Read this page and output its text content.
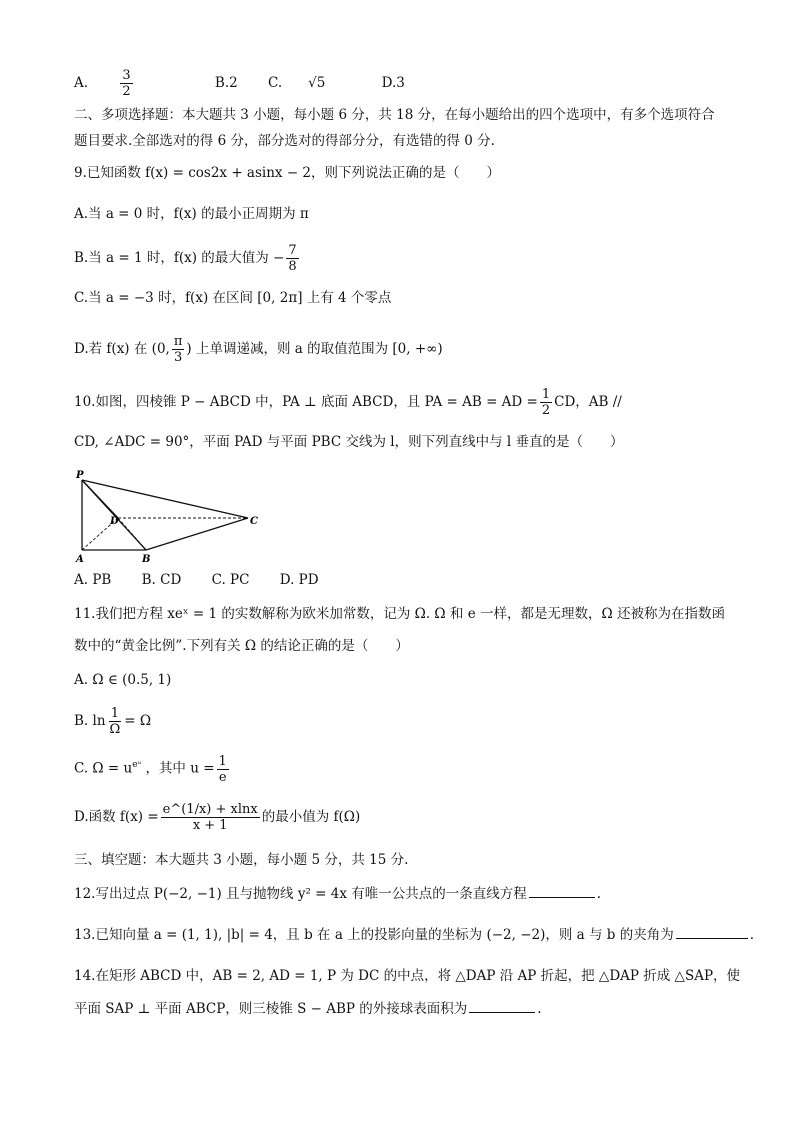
A. $\frac{3}{2}$	B.2 C. √5	D.3
二、多项选择题：本大题共 3 小题，每小题 6 分，共 18 分，在每小题给出的四个选项中，有多个选项符合
题目要求.全部选对的得 6 分，部分选对的得部分分，有选错的得 0 分.
9.已知函数 f(x) = cos2x + asinx − 2，则下列说法正确的是（　　）
A.当 a = 0 时，f(x) 的最小正周期为 π
B.当 a = 1 时，f(x) 的最大值为 − $\frac{7}{8}$
C.当 a = −3 时，f(x) 在区间 [0, 2π] 上有 4 个零点
D.若 f(x) 在 (0, $\frac{\pi}{3}$ ) 上单调递减，则 a 的取值范围为 [0, +∞)
10.如图，四棱锥 P − ABCD 中，PA ⊥ 底面 ABCD，且 PA = AB = AD = $\frac{1}{2}$ CD，AB //
CD, ∠ADC = 90°，平面 PAD 与平面 PBC 交线为 l，则下列直线中与 l 垂直的是（　　）
P
A	B
C
D
A. PB B. CD C. PC D. PD
11.我们把方程 xeˣ = 1 的实数解称为欧米加常数，记为 Ω. Ω 和 e 一样，都是无理数，Ω 还被称为在指数函
数中的“黄金比例”.下列有关 Ω 的结论正确的是（　　）
A. Ω ∈ (0.5, 1)
B. $\ln \frac{1}{\Omega} = \Omega$
C. $\Omega = u^{eᵘ}$ ，其中 $u = \frac{1}{e}$
D.函数 $f(x) = \frac{e\^{}(1/x) + xlnx}{x + 1}$ 的最小值为 f(Ω)
三、填空题：本大题共 3 小题，每小题 5 分，共 15 分.
12.写出过点 P(−2, −1) 且与抛物线 y² = 4x 有唯一公共点的一条直线方程	.
13.已知向量 a = (1, 1), |b| = 4，且 b 在 a 上的投影向量的坐标为 (−2, −2)，则 a 与 b 的夹角为	.
14.在矩形 ABCD 中，AB = 2, AD = 1, P 为 DC 的中点，将 △DAP 沿 AP 折起，把 △DAP 折成 △SAP，使
平面 SAP ⊥ 平面 ABCP，则三棱锥 S − ABP 的外接球表面积为	.
